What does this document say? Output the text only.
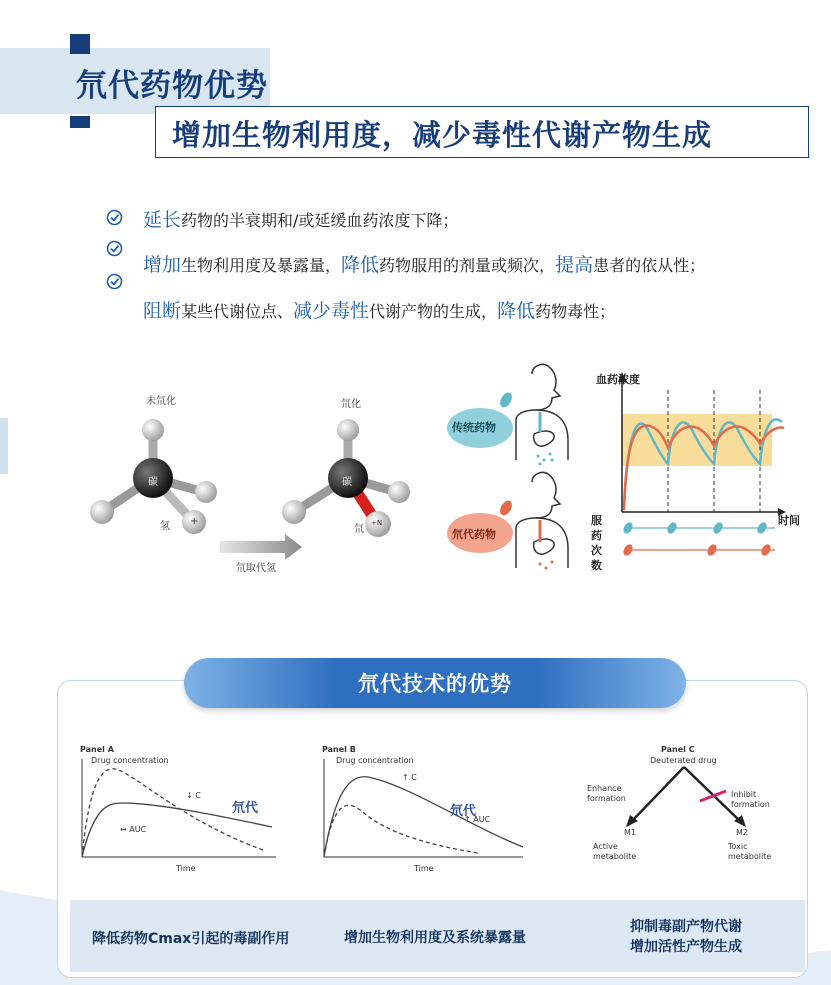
氘代药物优势
增加生物利用度，减少毒性代谢产物生成
延长药物的半衰期和/或延缓血药浓度下降；
增加生物利用度及暴露量，降低药物服用的剂量或频次，提高患者的依从性；
阻断某些代谢位点、减少毒性代谢产物的生成，降低药物毒性；
未氘化	氘化
碳	碳
氢	氘
+	+N
氘取代氢
传统药物
氘代药物
血药浓度
时间
服
药
次
数
氘代技术的优势
Panel A
Drug concentration
Time
↓ C
↔ AUC
氘代
Panel B
Drug concentration
Time
↑ C
↑ AUC
氘代
Panel C
Deuterated drug
Enhance
formation	Inhibit
formation
M1	M2
Active
metabolite
Toxic
metabolite
降低药物Cmax引起的毒副作用	增加生物利用度及系统暴露量
抑制毒副产物代谢
增加活性产物生成
